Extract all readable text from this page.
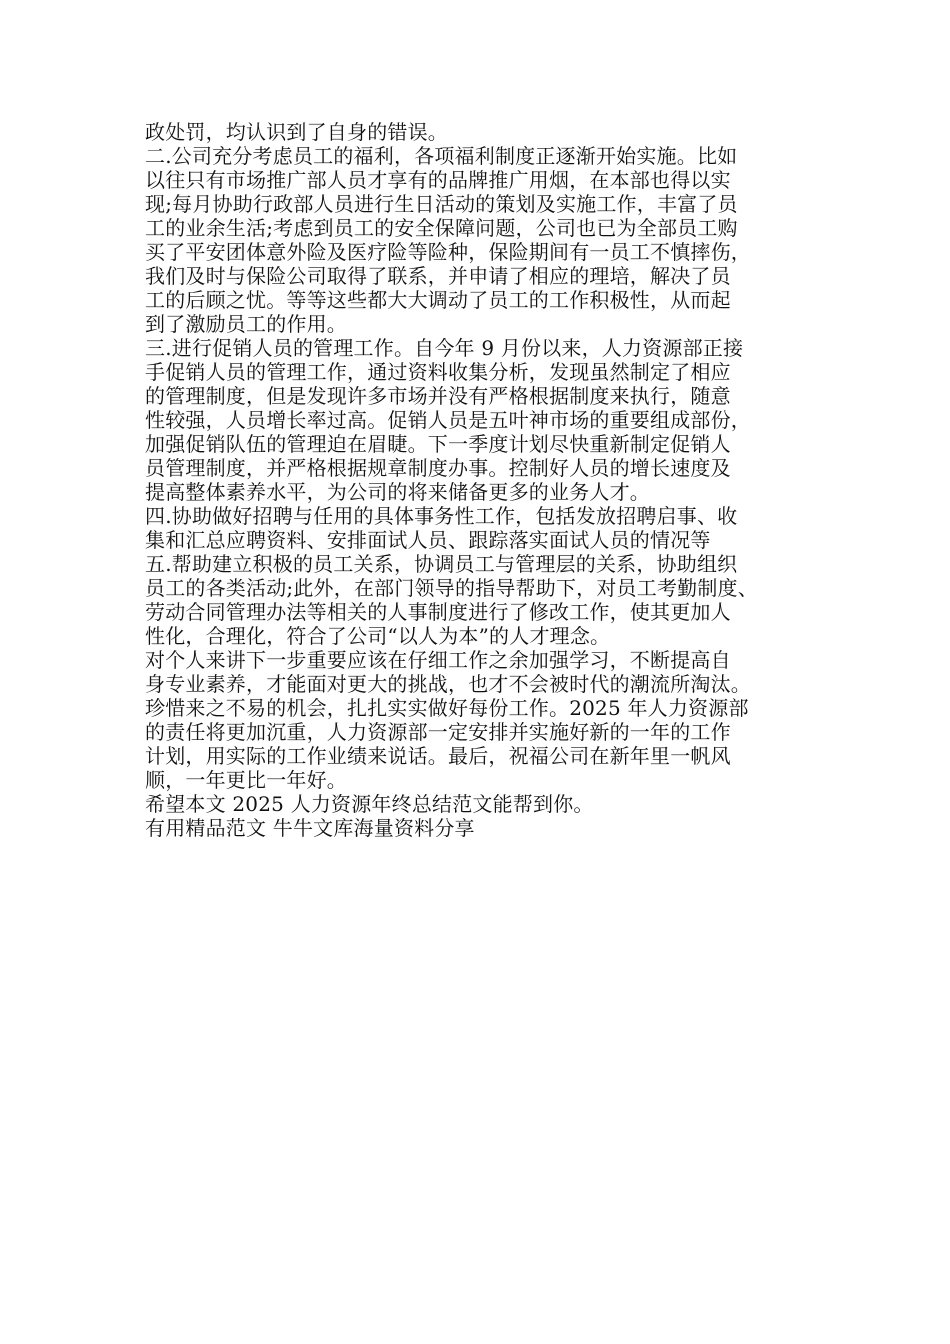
政处罚，均认识到了自身的错误。
二.公司充分考虑员工的福利，各项福利制度正逐渐开始实施。比如
以往只有市场推广部人员才享有的品牌推广用烟，在本部也得以实
现;每月协助行政部人员进行生日活动的策划及实施工作，丰富了员
工的业余生活;考虑到员工的安全保障问题，公司也已为全部员工购
买了平安团体意外险及医疗险等险种，保险期间有一员工不慎摔伤，
我们及时与保险公司取得了联系，并申请了相应的理培，解决了员
工的后顾之忧。等等这些都大大调动了员工的工作积极性，从而起
到了激励员工的作用。
三.进行促销人员的管理工作。自今年 9 月份以来，人力资源部正接
手促销人员的管理工作，通过资料收集分析，发现虽然制定了相应
的管理制度，但是发现许多市场并没有严格根据制度来执行，随意
性较强，人员增长率过高。促销人员是五叶神市场的重要组成部份，
加强促销队伍的管理迫在眉睫。下一季度计划尽快重新制定促销人
员管理制度，并严格根据规章制度办事。控制好人员的增长速度及
提高整体素养水平，为公司的将来储备更多的业务人才。
四.协助做好招聘与任用的具体事务性工作，包括发放招聘启事、收
集和汇总应聘资料、安排面试人员、跟踪落实面试人员的情况等
五.帮助建立积极的员工关系，协调员工与管理层的关系，协助组织
员工的各类活动;此外，在部门领导的指导帮助下，对员工考勤制度、
劳动合同管理办法等相关的人事制度进行了修改工作，使其更加人
性化，合理化，符合了公司“以人为本”的人才理念。
对个人来讲下一步重要应该在仔细工作之余加强学习，不断提高自
身专业素养，才能面对更大的挑战，也才不会被时代的潮流所淘汰。
珍惜来之不易的机会，扎扎实实做好每份工作。2025 年人力资源部
的责任将更加沉重，人力资源部一定安排并实施好新的一年的工作
计划，用实际的工作业绩来说话。最后，祝福公司在新年里一帆风
顺，一年更比一年好。
希望本文 2025 人力资源年终总结范文能帮到你。
有用精品范文 牛牛文库海量资料分享
